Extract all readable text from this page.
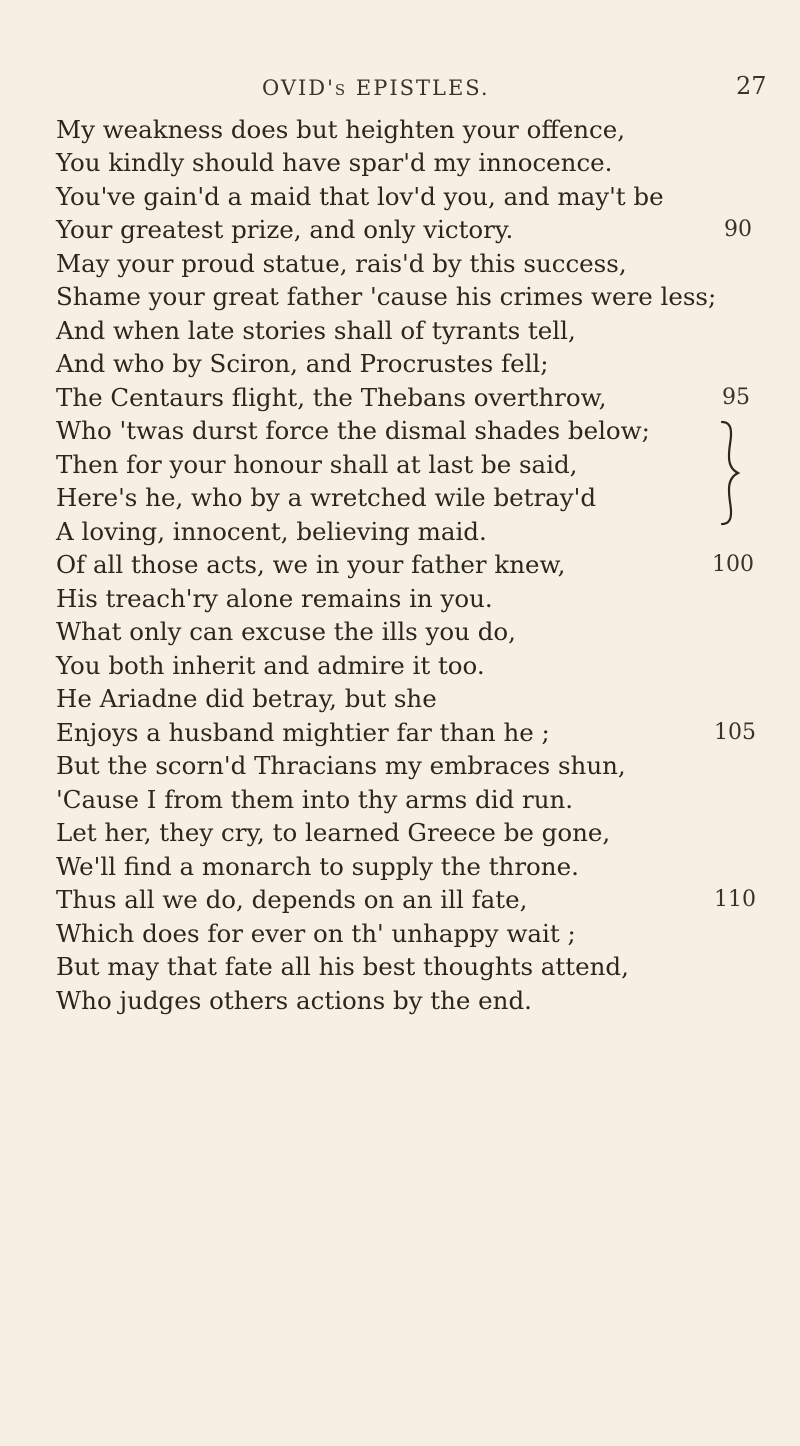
OVID's EPISTLES.	27
My weakness does but heighten your offence,
You kindly should have spar'd my innocence.
You've gain'd a maid that lov'd you, and may't be
Your greatest prize, and only victory.
May your proud statue, rais'd by this success,
Shame your great father 'cause his crimes were less;
And when late stories shall of tyrants tell,
And who by Sciron, and Procrustes fell;
The Centaurs flight, the Thebans overthrow,
Who 'twas durst force the dismal shades below;
Then for your honour shall at last be said,
Here's he, who by a wretched wile betray'd
A loving, innocent, believing maid.
Of all those acts, we in your father knew,
His treach'ry alone remains in you.
What only can excuse the ills you do,
You both inherit and admire it too.
He Ariadne did betray, but she
Enjoys a husband mightier far than he ;
But the scorn'd Thracians my embraces shun,
'Cause I from them into thy arms did run.
Let her, they cry, to learned Greece be gone,
We'll find a monarch to supply the throne.
Thus all we do, depends on an ill fate,
Which does for ever on th' unhappy wait ;
But may that fate all his best thoughts attend,
Who judges others actions by the end.
90
95
100
105
110
